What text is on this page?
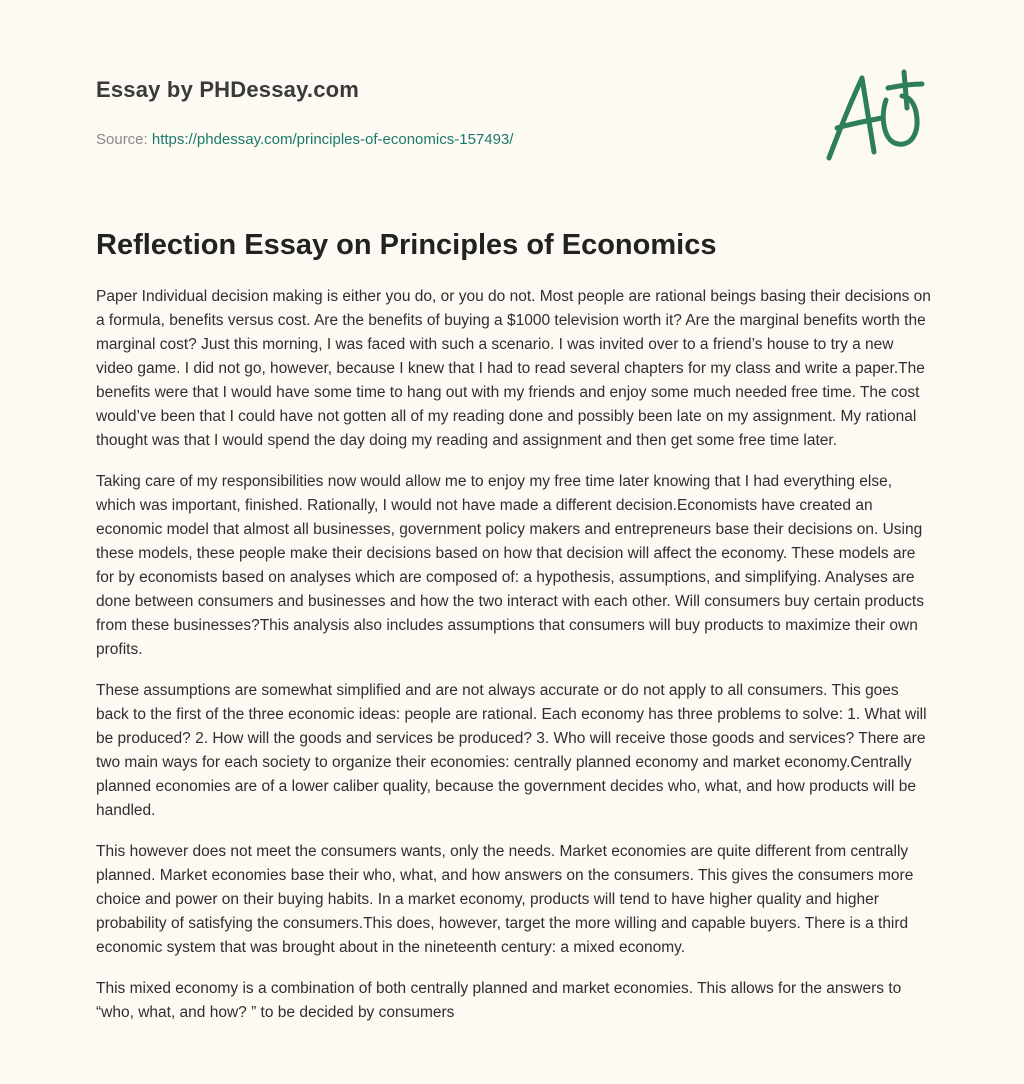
Essay by PHDessay.com
Source: https://phdessay.com/principles-of-economics-157493/
Reflection Essay on Principles of Economics

Paper Individual decision making is either you do, or you do not. Most people are rational beings basing their decisions on a formula, benefits versus cost. Are the benefits of buying a $1000 television worth it? Are the marginal benefits worth the marginal cost? Just this morning, I was faced with such a scenario. I was invited over to a friend’s house to try a new video game. I did not go, however, because I knew that I had to read several chapters for my class and write a paper.The benefits were that I would have some time to hang out with my friends and enjoy some much needed free time. The cost would’ve been that I could have not gotten all of my reading done and possibly been late on my assignment. My rational thought was that I would spend the day doing my reading and assignment and then get some free time later.

Taking care of my responsibilities now would allow me to enjoy my free time later knowing that I had everything else, which was important, finished. Rationally, I would not have made a different decision.Economists have created an economic model that almost all businesses, government policy makers and entrepreneurs base their decisions on. Using these models, these people make their decisions based on how that decision will affect the economy. These models are for by economists based on analyses which are composed of: a hypothesis, assumptions, and simplifying. Analyses are done between consumers and businesses and how the two interact with each other. Will consumers buy certain products from these businesses?This analysis also includes assumptions that consumers will buy products to maximize their own profits.

These assumptions are somewhat simplified and are not always accurate or do not apply to all consumers. This goes back to the first of the three economic ideas: people are rational. Each economy has three problems to solve: 1. What will be produced? 2. How will the goods and services be produced? 3. Who will receive those goods and services? There are two main ways for each society to organize their economies: centrally planned economy and market economy.Centrally planned economies are of a lower caliber quality, because the government decides who, what, and how products will be handled.

This however does not meet the consumers wants, only the needs. Market economies are quite different from centrally planned. Market economies base their who, what, and how answers on the consumers. This gives the consumers more choice and power on their buying habits. In a market economy, products will tend to have higher quality and higher probability of satisfying the consumers.This does, however, target the more willing and capable buyers. There is a third economic system that was brought about in the nineteenth century: a mixed economy.

This mixed economy is a combination of both centrally planned and market economies. This allows for the answers to “who, what, and how? ” to be decided by consumers
